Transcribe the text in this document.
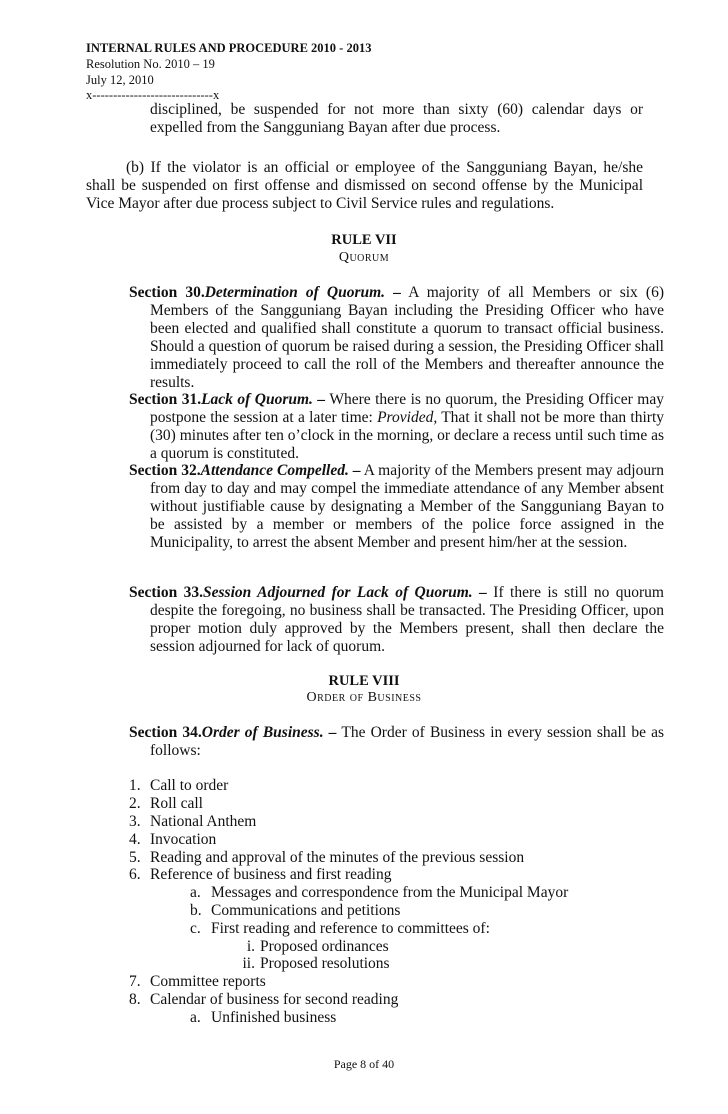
INTERNAL RULES AND PROCEDURE 2010 - 2013
Resolution No. 2010 – 19
July 12, 2010
x-----------------------------x

disciplined, be suspended for not more than sixty (60) calendar days or expelled from the Sangguniang Bayan after due process.

(b) If the violator is an official or employee of the Sangguniang Bayan, he/she shall be suspended on first offense and dismissed on second offense by the Municipal Vice Mayor after due process subject to Civil Service rules and regulations.

RULE VII
Quorum

Section 30.Determination of Quorum. – A majority of all Members or six (6) Members of the Sangguniang Bayan including the Presiding Officer who have been elected and qualified shall constitute a quorum to transact official business. Should a question of quorum be raised during a session, the Presiding Officer shall immediately proceed to call the roll of the Members and thereafter announce the results.

Section 31.Lack of Quorum. – Where there is no quorum, the Presiding Officer may postpone the session at a later time: Provided, That it shall not be more than thirty (30) minutes after ten o’clock in the morning, or declare a recess until such time as a quorum is constituted.

Section 32.Attendance Compelled. – A majority of the Members present may adjourn from day to day and may compel the immediate attendance of any Member absent without justifiable cause by designating a Member of the Sangguniang Bayan to be assisted by a member or members of the police force assigned in the Municipality, to arrest the absent Member and present him/her at the session.

Section 33.Session Adjourned for Lack of Quorum. – If there is still no quorum despite the foregoing, no business shall be transacted. The Presiding Officer, upon proper motion duly approved by the Members present, shall then declare the session adjourned for lack of quorum.

RULE VIII
Order of Business

Section 34.Order of Business. – The Order of Business in every session shall be as follows:

1. Call to order
2. Roll call
3. National Anthem
4. Invocation
5. Reading and approval of the minutes of the previous session
6. Reference of business and first reading
a. Messages and correspondence from the Municipal Mayor
b. Communications and petitions
c. First reading and reference to committees of:
i. Proposed ordinances
ii. Proposed resolutions
7. Committee reports
8. Calendar of business for second reading
a. Unfinished business
Page 8 of 40
